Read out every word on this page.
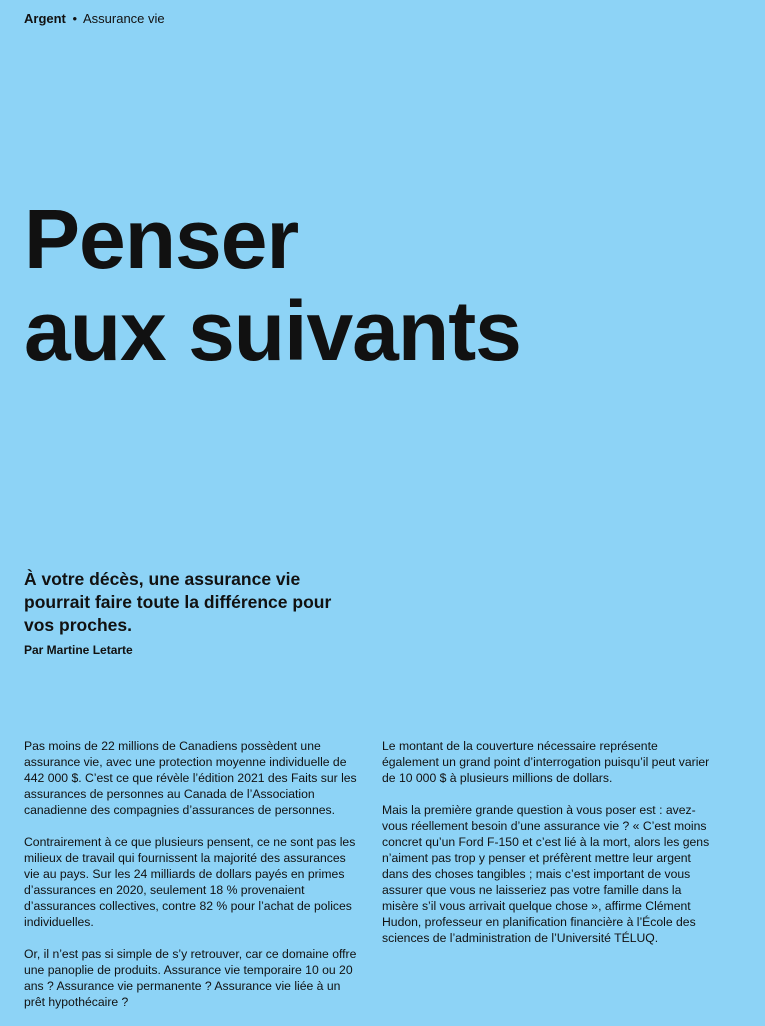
Argent • Assurance vie
Penser
aux suivants

À votre décès, une assurance vie pourrait faire toute la différence pour vos proches.

Par Martine Letarte

Pas moins de 22 millions de Canadiens possèdent une assurance vie, avec une protection moyenne individuelle de 442 000 $. C’est ce que révèle l’édition 2021 des Faits sur les assurances de personnes au Canada de l’Association canadienne des compagnies d’assurances de personnes.

Contrairement à ce que plusieurs pensent, ce ne sont pas les milieux de travail qui fournissent la majorité des assurances vie au pays. Sur les 24 milliards de dollars payés en primes d’assurances en 2020, seulement 18 % provenaient d’assurances collectives, contre 82 % pour l’achat de polices individuelles.

Or, il n’est pas si simple de s’y retrouver, car ce domaine offre une panoplie de produits. Assurance vie temporaire 10 ou 20 ans ? Assurance vie permanente ? Assurance vie liée à un prêt hypothécaire ?

Le montant de la couverture nécessaire représente également un grand point d’interrogation puisqu’il peut varier de 10 000 $ à plusieurs millions de dollars.

Mais la première grande question à vous poser est : avez-vous réellement besoin d’une assurance vie ? « C’est moins concret qu’un Ford F-150 et c’est lié à la mort, alors les gens n’aiment pas trop y penser et préfèrent mettre leur argent dans des choses tangibles ; mais c’est important de vous assurer que vous ne laisseriez pas votre famille dans la misère s’il vous arrivait quelque chose », affirme Clément Hudon, professeur en planification financière à l’École des sciences de l’administration de l’Université TÉLUQ.
